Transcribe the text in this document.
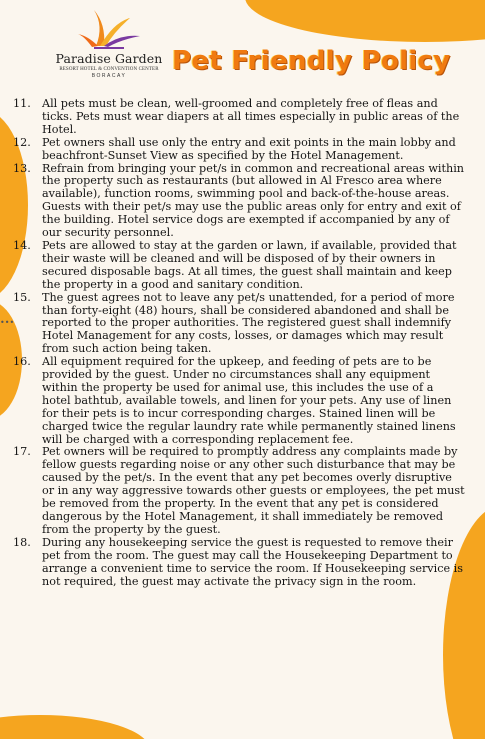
Paradise Garden
RESORT HOTEL & CONVENTION CENTER
BORACAY	Pet Friendly Policy
•••
11.	All pets must be clean, well-groomed and completely free of fleas and ticks. Pets must wear diapers at all times especially in public areas of the Hotel.
12.	Pet owners shall use only the entry and exit points in the main lobby and beachfront-Sunset View as specified by the Hotel Management.
13.	Refrain from bringing your pet/s in common and recreational areas within the property such as restaurants (but allowed in Al Fresco area where available), function rooms, swimming pool and back-of-the-house areas. Guests with their pet/s may use the public areas only for entry and exit of the building. Hotel service dogs are exempted if accompanied by any of our security personnel.
14.	Pets are allowed to stay at the garden or lawn, if available, provided that their waste will be cleaned and will be disposed of by their owners in secured disposable bags. At all times, the guest shall maintain and keep the property in a good and sanitary condition.
15.	The guest agrees not to leave any pet/s unattended, for a period of more than forty-eight (48) hours, shall be considered abandoned and shall be reported to the proper authorities. The registered guest shall indemnify Hotel Management for any costs, losses, or damages which may result from such action being taken.
16.	All equipment required for the upkeep, and feeding of pets are to be provided by the guest. Under no circumstances shall any equipment within the property be used for animal use, this includes the use of a hotel bathtub, available towels, and linen for your pets. Any use of linen for their pets is to incur corresponding charges. Stained linen will be charged twice the regular laundry rate while permanently stained linens will be charged with a corresponding replacement fee.
17.	Pet owners will be required to promptly address any complaints made by fellow guests regarding noise or any other such disturbance that may be caused by the pet/s. In the event that any pet becomes overly disruptive or in any way aggressive towards other guests or employees, the pet must be removed from the property. In the event that any pet is considered dangerous by the Hotel Management, it shall immediately be removed from the property by the guest.
18.	During any housekeeping service the guest is requested to remove their pet from the room. The guest may call the Housekeeping Department to arrange a convenient time to service the room. If Housekeeping service is not required, the guest may activate the privacy sign in the room.
